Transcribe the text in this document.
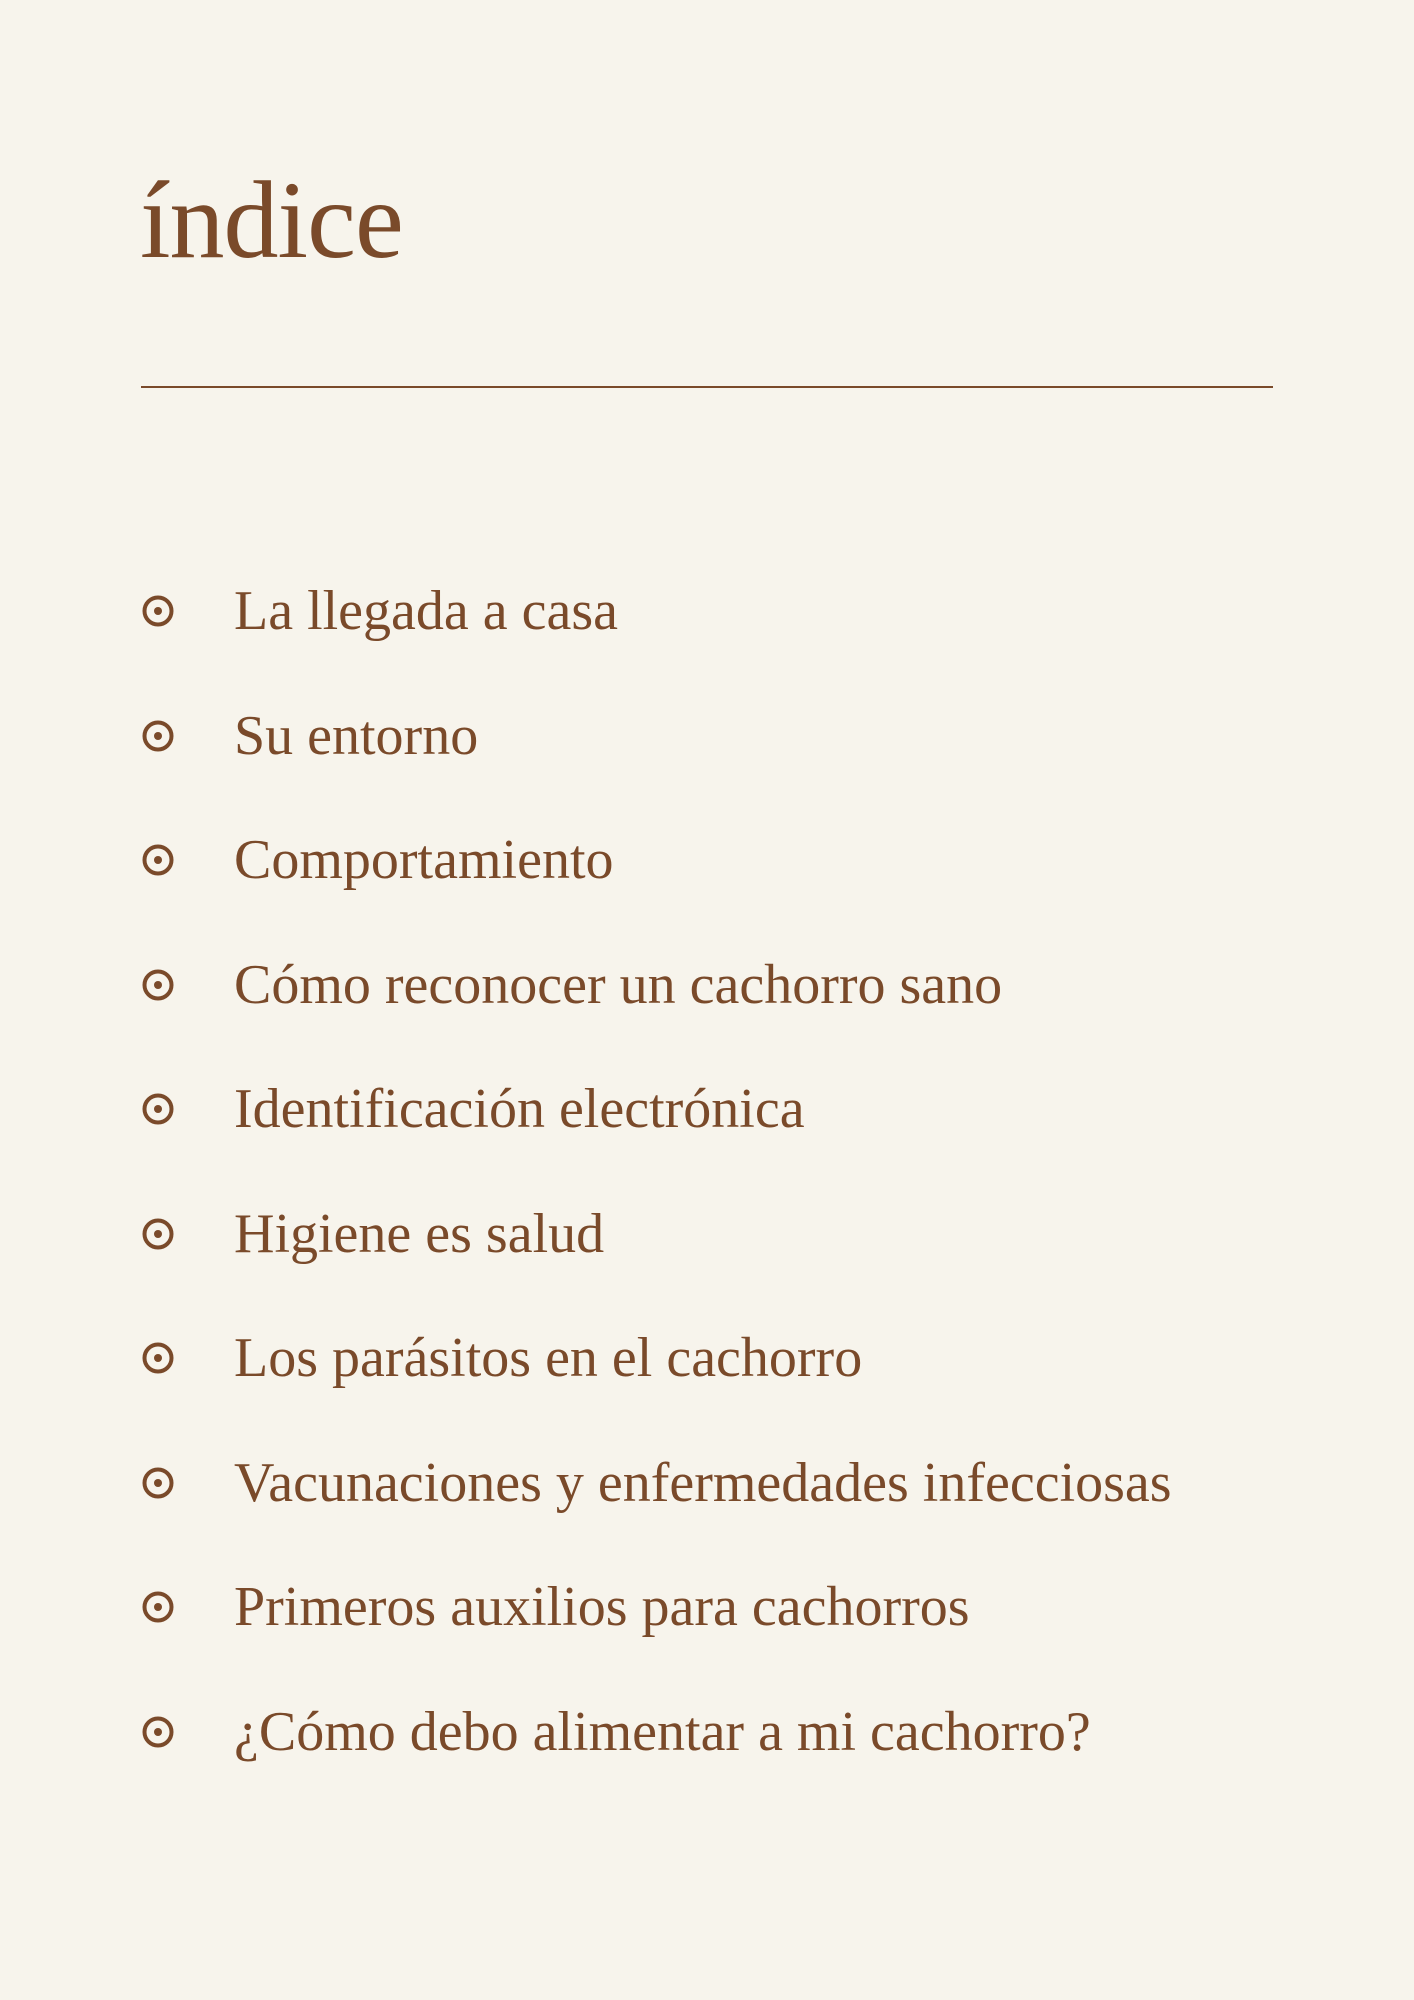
índice
La llegada a casa
Su entorno
Comportamiento
Cómo reconocer un cachorro sano
Identificación electrónica
Higiene es salud
Los parásitos en el cachorro
Vacunaciones y enfermedades infecciosas
Primeros auxilios para cachorros
¿Cómo debo alimentar a mi cachorro?
